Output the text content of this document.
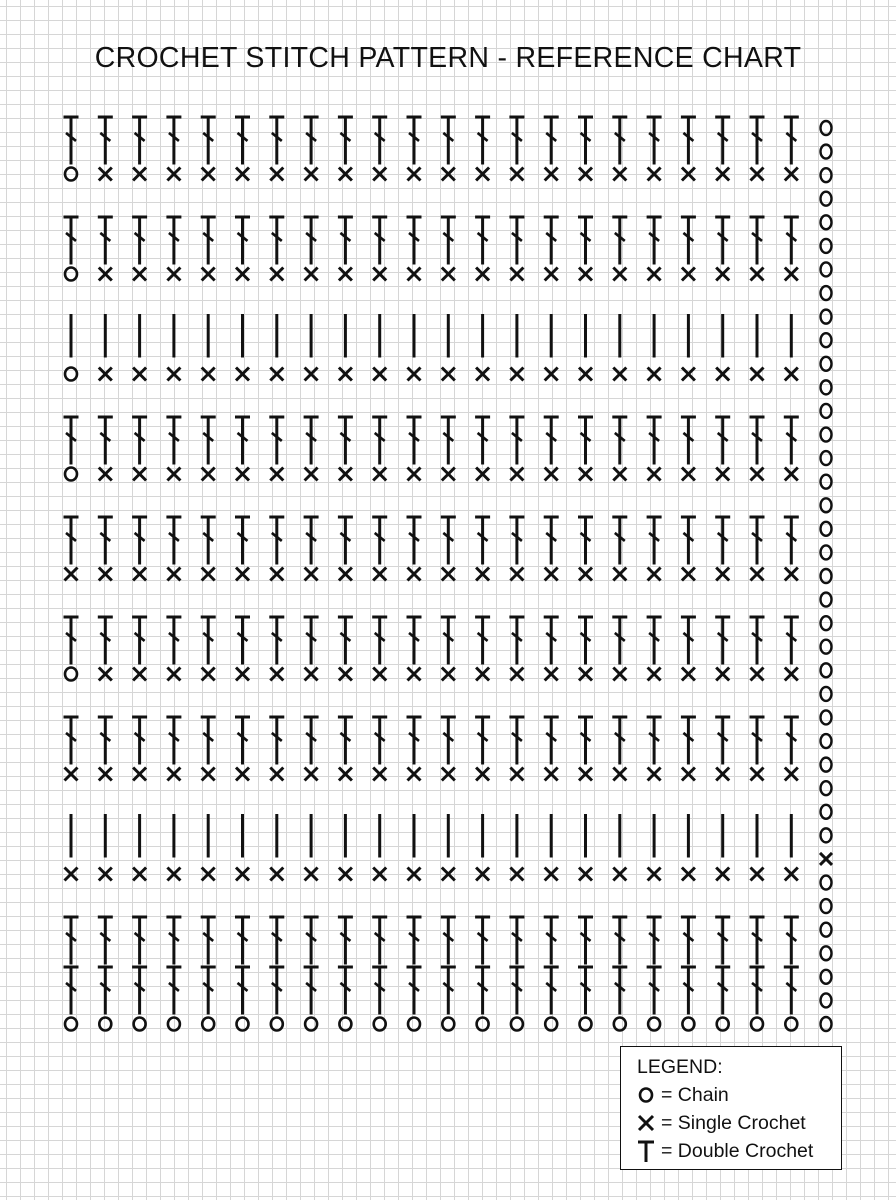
CROCHET STITCH PATTERN - REFERENCE CHART
LEGEND:
= Chain
= Single Crochet
= Double Crochet
